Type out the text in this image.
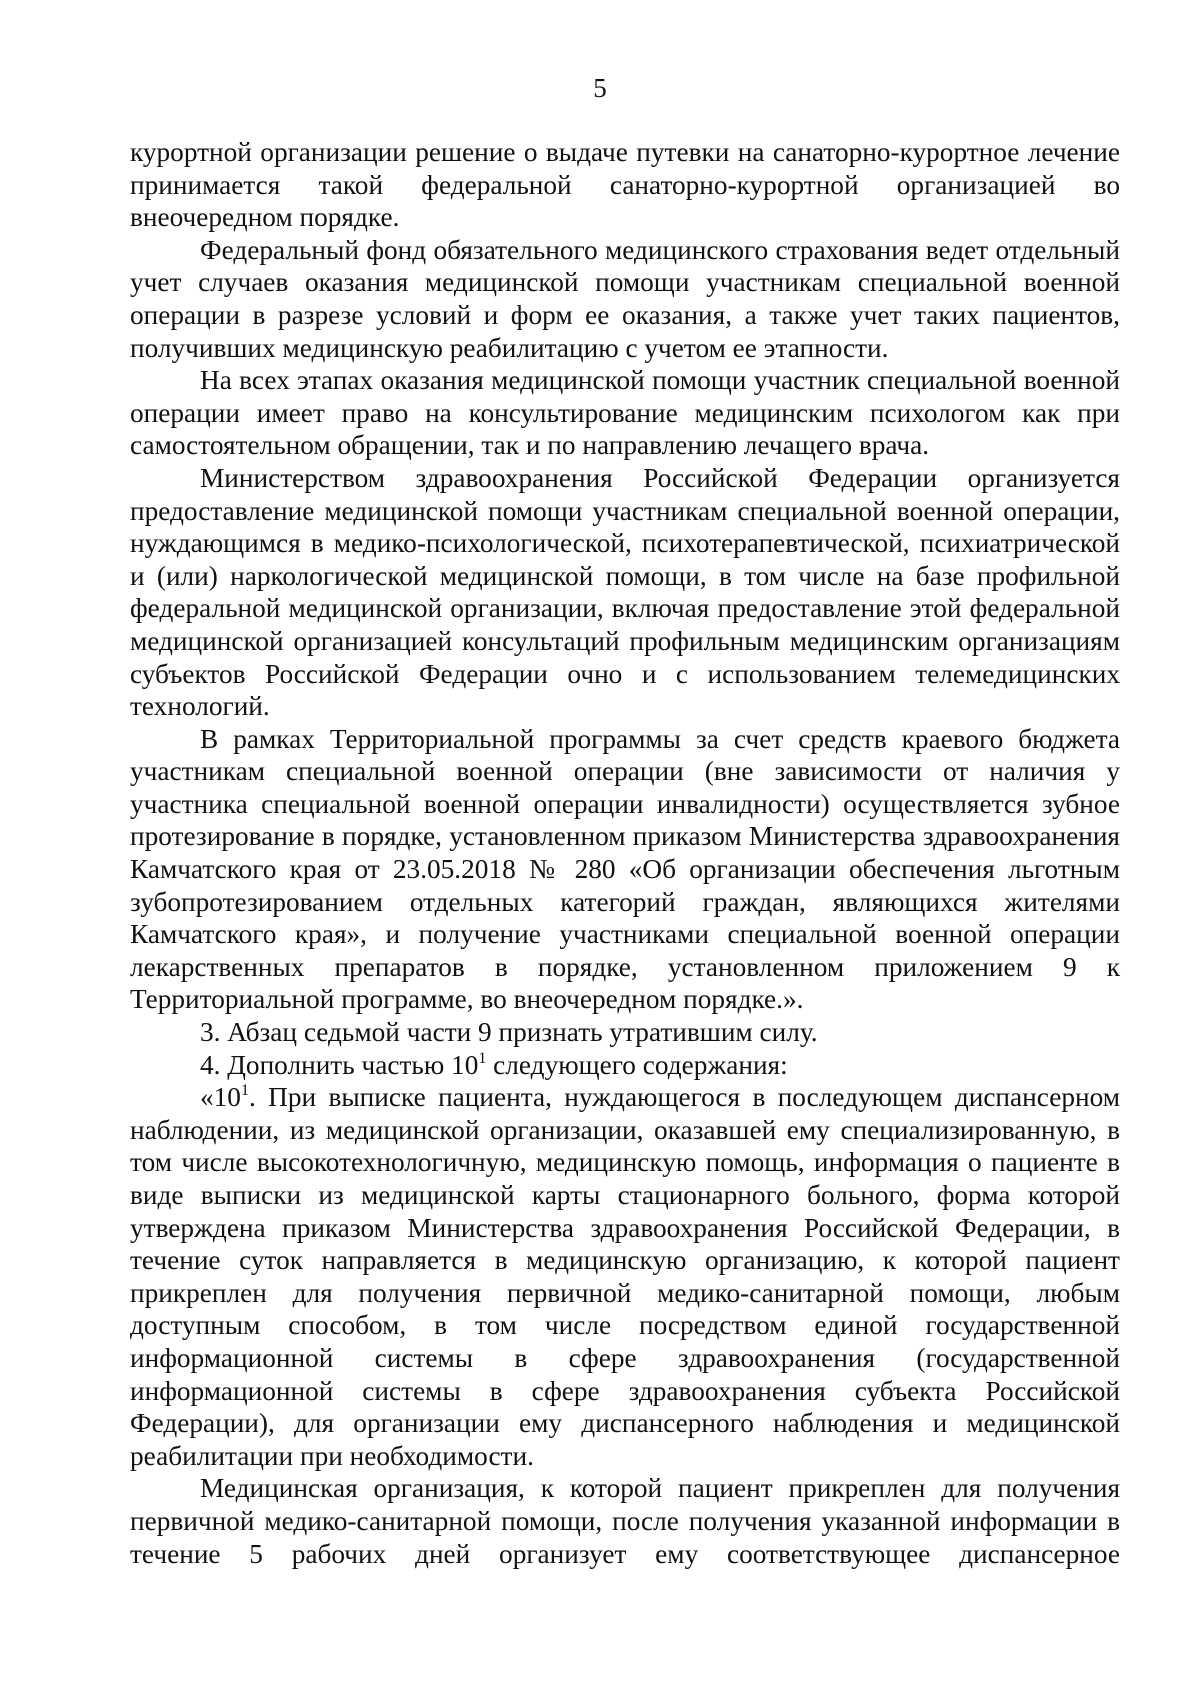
5

курортной организации решение о выдаче путевки на санаторно-курортное лечение принимается такой федеральной санаторно-курортной организацией во внеочередном порядке.

Федеральный фонд обязательного медицинского страхования ведет отдельный учет случаев оказания медицинской помощи участникам специальной военной операции в разрезе условий и форм ее оказания, а также учет таких пациентов, получивших медицинскую реабилитацию с учетом ее этапности.

На всех этапах оказания медицинской помощи участник специальной военной операции имеет право на консультирование медицинским психологом как при самостоятельном обращении, так и по направлению лечащего врача.

Министерством здравоохранения Российской Федерации организуется предоставление медицинской помощи участникам специальной военной операции, нуждающимся в медико-психологической, психотерапевтической, психиатрической и (или) наркологической медицинской помощи, в том числе на базе профильной федеральной медицинской организации, включая предоставление этой федеральной медицинской организацией консультаций профильным медицинским организациям субъектов Российской Федерации очно и с использованием телемедицинских технологий.

В рамках Территориальной программы за счет средств краевого бюджета участникам специальной военной операции (вне зависимости от наличия у участника специальной военной операции инвалидности) осуществляется зубное протезирование в порядке, установленном приказом Министерства здравоохранения Камчатского края от 23.05.2018 № 280 «Об организации обеспечения льготным зубопротезированием отдельных категорий граждан, являющихся жителями Камчатского края», и получение участниками специальной военной операции лекарственных препаратов в порядке, установленном приложением 9 к Территориальной программе, во внеочередном порядке.».

3. Абзац седьмой части 9 признать утратившим силу.

4. Дополнить частью $10^1$ следующего содержания:

«$10^1$. При выписке пациента, нуждающегося в последующем диспансерном наблюдении, из медицинской организации, оказавшей ему специализированную, в том числе высокотехнологичную, медицинскую помощь, информация о пациенте в виде выписки из медицинской карты стационарного больного, форма которой утверждена приказом Министерства здравоохранения Российской Федерации, в течение суток направляется в медицинскую организацию, к которой пациент прикреплен для получения первичной медико-санитарной помощи, любым доступным способом, в том числе посредством единой государственной информационной системы в сфере здравоохранения (государственной информационной системы в сфере здравоохранения субъекта Российской Федерации), для организации ему диспансерного наблюдения и медицинской реабилитации при необходимости.

Медицинская организация, к которой пациент прикреплен для получения первичной медико-санитарной помощи, после получения указанной информации в течение 5 рабочих дней организует ему соответствующее диспансерное
